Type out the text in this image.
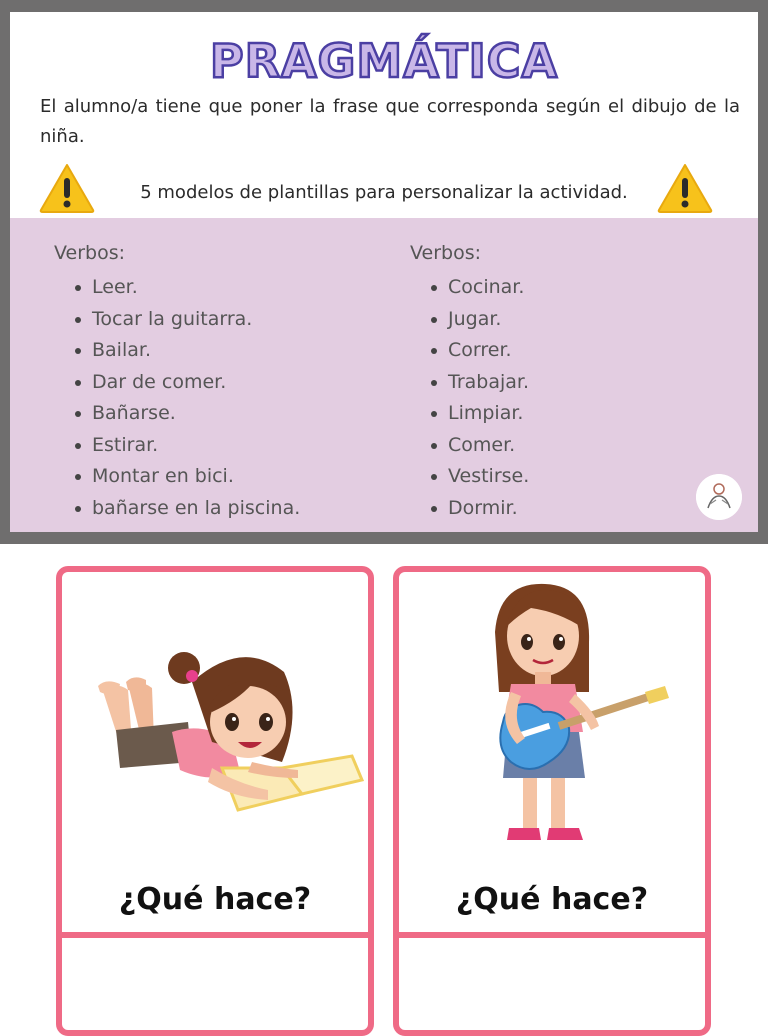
PRAGMÁTICA
El alumno/a tiene que poner la frase que corresponda según el dibujo de la niña.
5 modelos de plantillas para personalizar la actividad.
Verbos:
Leer.
Tocar la guitarra.
Bailar.
Dar de comer.
Bañarse.
Estirar.
Montar en bici.
bañarse en la piscina.
Verbos:
Cocinar.
Jugar.
Correr.
Trabajar.
Limpiar.
Comer.
Vestirse.
Dormir.
¿Qué hace?	¿Qué hace?
